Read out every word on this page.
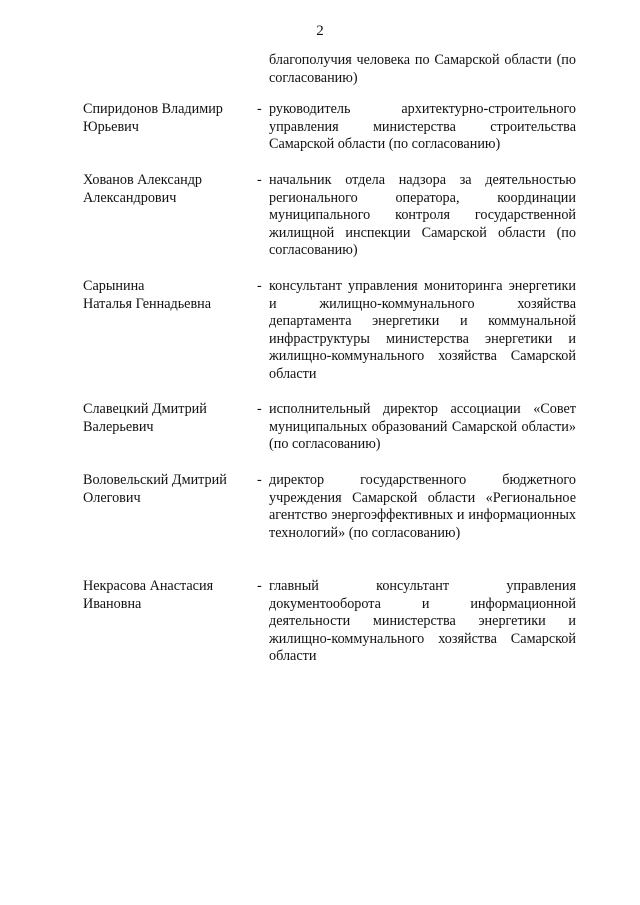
2
благополучия человека по Самарской области (по согласованию)
Спиридонов Владимир
Юрьевич
- руководитель архитектурно-строительного управления министерства строительства Самарской области (по согласованию)
Хованов Александр
Александрович
- начальник отдела надзора за деятельностью регионального оператора, координации муниципального контроля государственной жилищной инспекции Самарской области (по согласованию)
Сарынина
Наталья Геннадьевна
- консультант управления мониторинга энергетики и жилищно-коммунального хозяйства департамента энергетики и коммунальной инфраструктуры министерства энергетики и жилищно-коммунального хозяйства Самарской области
Славецкий Дмитрий
Валерьевич
- исполнительный директор ассоциации «Совет муниципальных образований Самарской области» (по согласованию)
Воловельский Дмитрий
Олегович
- директор государственного бюджетного учреждения Самарской области «Региональное агентство энергоэффективных и информационных технологий» (по согласованию)
Некрасова Анастасия
Ивановна
- главный консультант управления документооборота и информационной деятельности министерства энергетики и жилищно-коммунального хозяйства Самарской области
